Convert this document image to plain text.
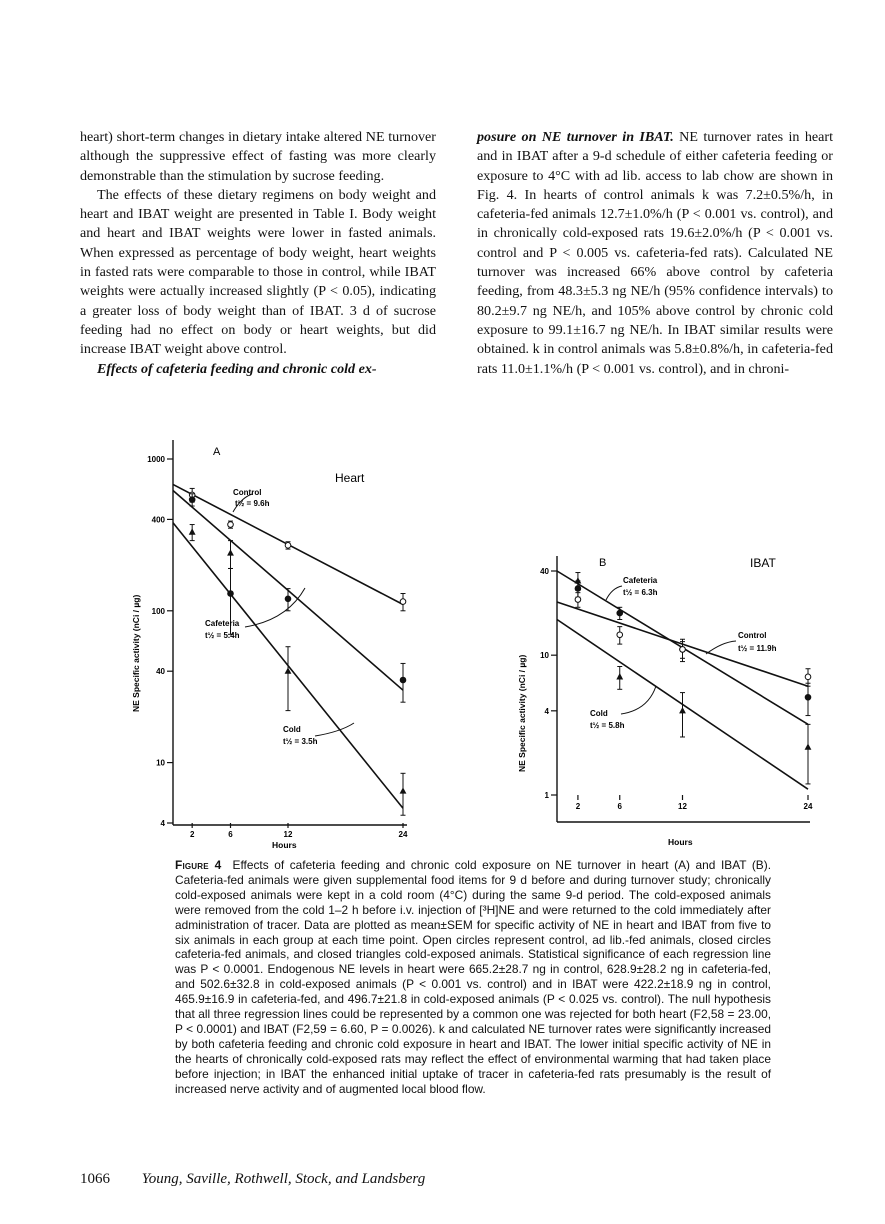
heart) short-term changes in dietary intake altered NE turnover although the suppressive effect of fasting was more clearly demonstrable than the stimulation by sucrose feeding.

The effects of these dietary regimens on body weight and heart and IBAT weight are presented in Table I. Body weight and heart and IBAT weights were lower in fasted animals. When expressed as percentage of body weight, heart weights in fasted rats were comparable to those in control, while IBAT weights were actually increased slightly (P < 0.05), indicating a greater loss of body weight than of IBAT. 3 d of sucrose feeding had no effect on body or heart weights, but did increase IBAT weight above control.

Effects of cafeteria feeding and chronic cold ex-

posure on NE turnover in IBAT. NE turnover rates in heart and in IBAT after a 9-d schedule of either cafeteria feeding or exposure to 4°C with ad lib. access to lab chow are shown in Fig. 4. In hearts of control animals k was 7.2±0.5%/h, in cafeteria-fed animals 12.7±1.0%/h (P < 0.001 vs. control), and in chronically cold-exposed rats 19.6±2.0%/h (P < 0.001 vs. control and P < 0.005 vs. cafeteria-fed rats). Calculated NE turnover was increased 66% above control by cafeteria feeding, from 48.3±5.3 ng NE/h (95% confidence intervals) to 80.2±9.7 ng NE/h, and 105% above control by chronic cold exposure to 99.1±16.7 ng NE/h. In IBAT similar results were obtained. k in control animals was 5.8±0.8%/h, in cafeteria-fed rats 11.0±1.1%/h (P < 0.001 vs. control), and in chroni-

1000
400
100
40
10
4
2	6	12	24
A
Heart
NE Specific activity (nCi / µg)
Hours
Control
t½ = 9.6h
Cafeteria
t½ = 5.4h
Cold
t½ = 3.5h
40
10
4
1
2	6	12	24
B	IBAT
NE Specific activity (nCi / µg)
Hours
Cafeteria
t½ = 6.3h
Control
t½ = 11.9h
Cold
t½ = 5.8h
Figure 4 Effects of cafeteria feeding and chronic cold exposure on NE turnover in heart (A) and IBAT (B). Cafeteria-fed animals were given supplemental food items for 9 d before and during turnover study; chronically cold-exposed animals were kept in a cold room (4°C) during the same 9-d period. The cold-exposed animals were removed from the cold 1–2 h before i.v. injection of [³H]NE and were returned to the cold immediately after administration of tracer. Data are plotted as mean±SEM for specific activity of NE in heart and IBAT from five to six animals in each group at each time point. Open circles represent control, ad lib.-fed animals, closed circles cafeteria-fed animals, and closed triangles cold-exposed animals. Statistical significance of each regression line was P < 0.0001. Endogenous NE levels in heart were 665.2±28.7 ng in control, 628.9±28.2 ng in cafeteria-fed, and 502.6±32.8 in cold-exposed animals (P < 0.001 vs. control) and in IBAT were 422.2±18.9 ng in control, 465.9±16.9 in cafeteria-fed, and 496.7±21.8 in cold-exposed animals (P < 0.025 vs. control). The null hypothesis that all three regression lines could be represented by a common one was rejected for both heart (F2,58 = 23.00, P < 0.0001) and IBAT (F2,59 = 6.60, P = 0.0026). k and calculated NE turnover rates were significantly increased by both cafeteria feeding and chronic cold exposure in heart and IBAT. The lower initial specific activity of NE in the hearts of chronically cold-exposed rats may reflect the effect of environmental warming that had taken place before injection; in IBAT the enhanced initial uptake of tracer in cafeteria-fed rats presumably is the result of increased nerve activity and of augmented local blood flow.
1066 Young, Saville, Rothwell, Stock, and Landsberg
